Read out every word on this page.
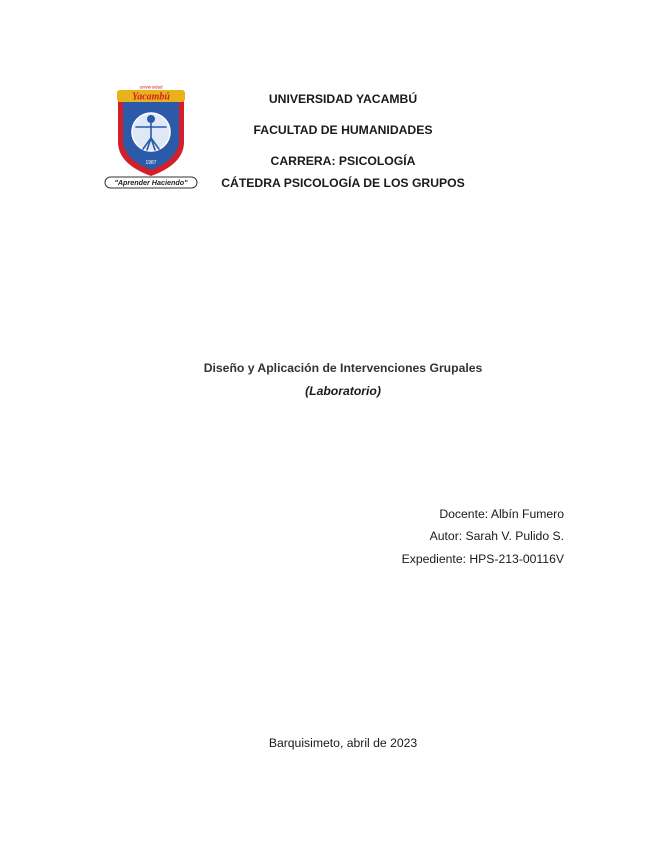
universidad
Yacambú
1987
"Aprender Haciendo"
UNIVERSIDAD YACAMBÚ
FACULTAD DE HUMANIDADES
CARRERA: PSICOLOGÍA
CÁTEDRA PSICOLOGÍA DE LOS GRUPOS
Diseño y Aplicación de Intervenciones Grupales
(Laboratorio)
Docente: Albín Fumero
Autor: Sarah V. Pulido S.
Expediente: HPS-213-00116V
Barquisimeto, abril de 2023
